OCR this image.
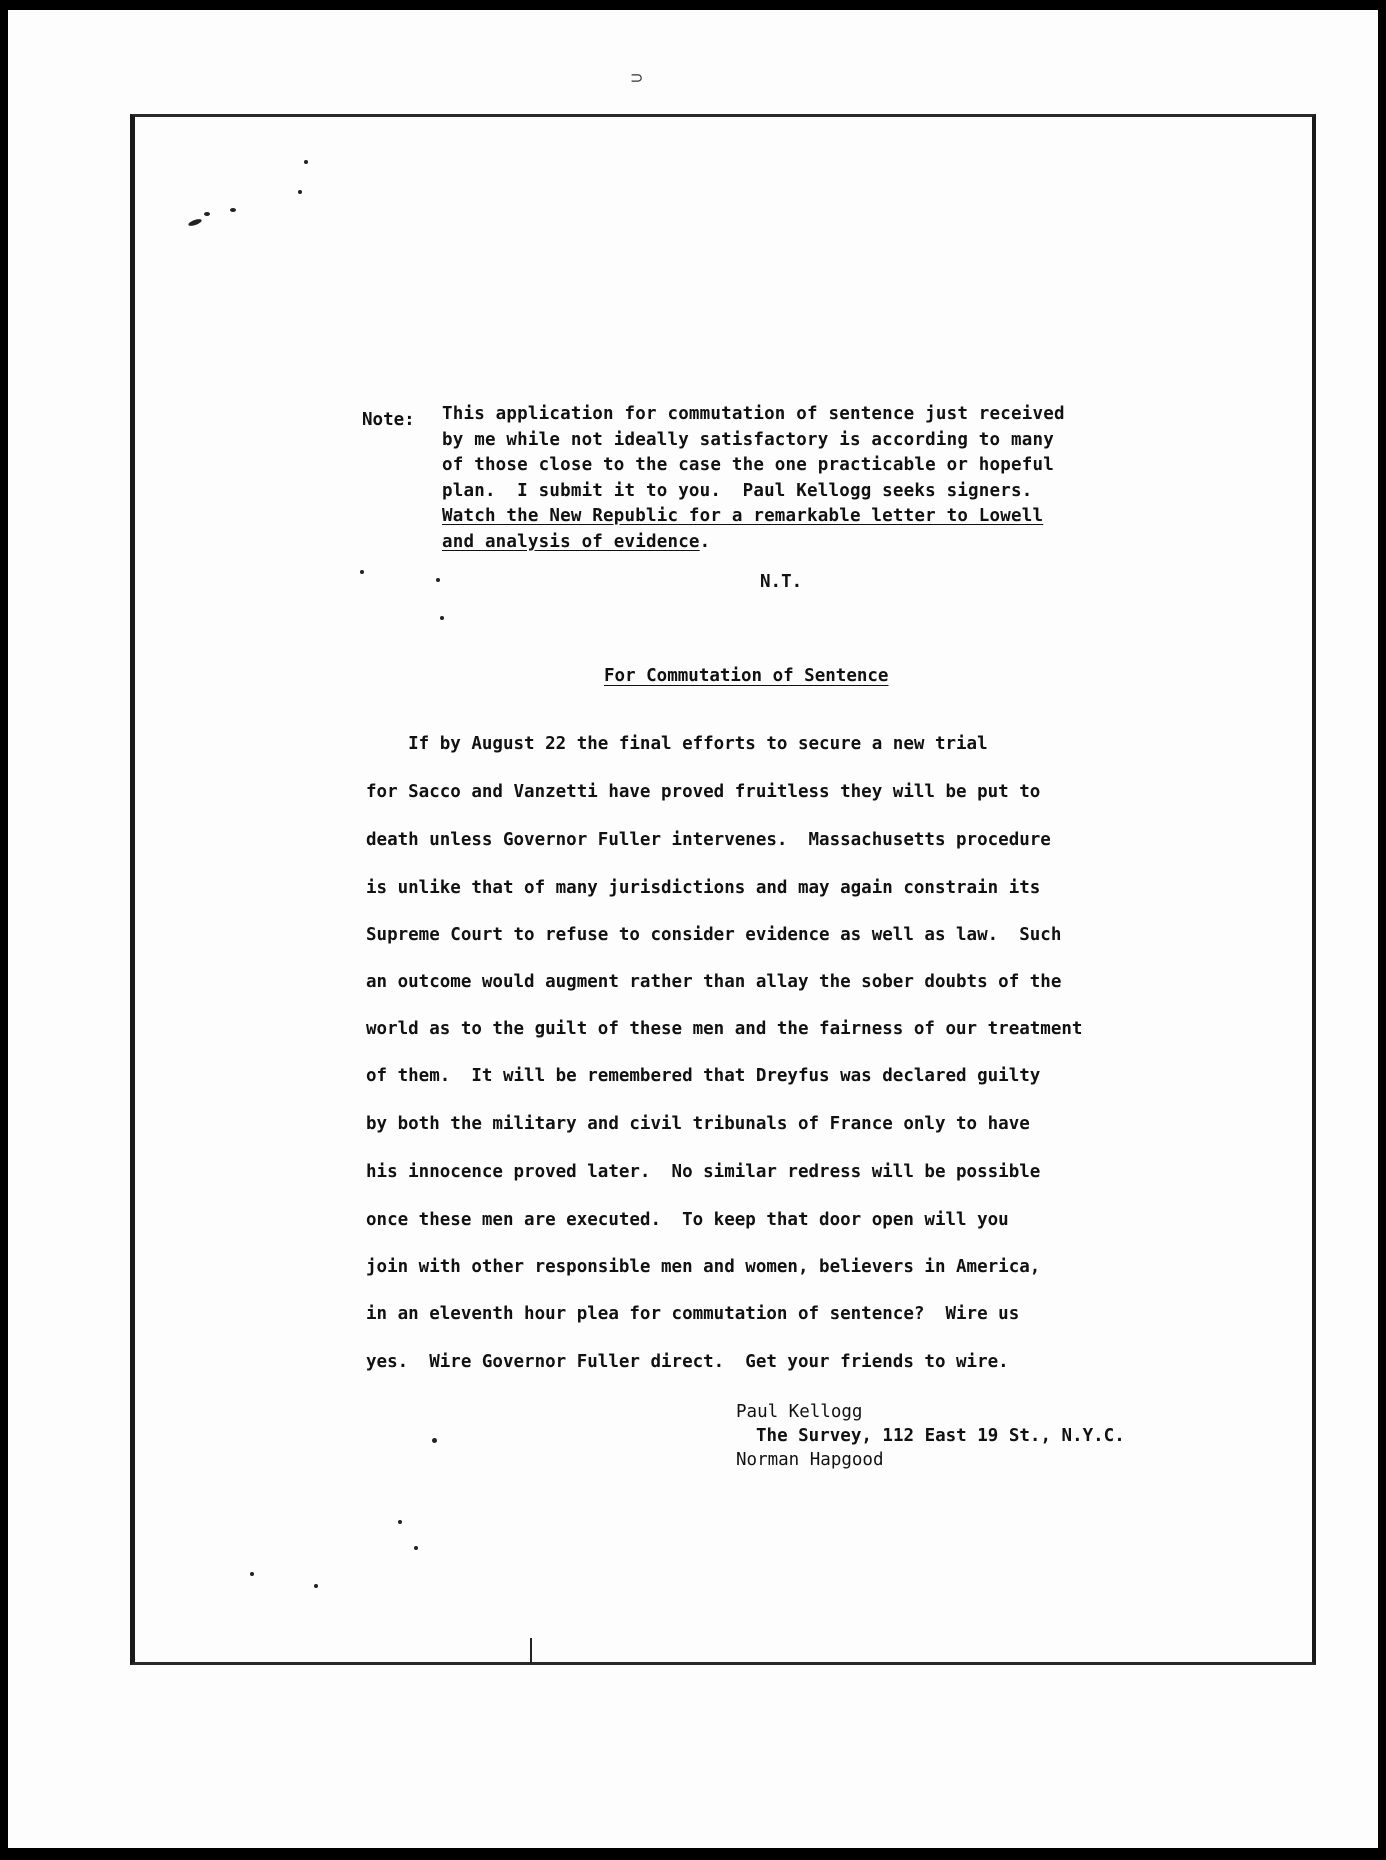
⊃
Note: This application for commutation of sentence just received
by me while not ideally satisfactory is according to many
of those close to the case the one practicable or hopeful
plan.  I submit it to you.  Paul Kellogg seeks signers.
Watch the New Republic for a remarkable letter to Lowell
and analysis of evidence.
N.T.
For Commutation of Sentence
If by August 22 the final efforts to secure a new trial
for Sacco and Vanzetti have proved fruitless they will be put to
death unless Governor Fuller intervenes.  Massachusetts procedure
is unlike that of many jurisdictions and may again constrain its
Supreme Court to refuse to consider evidence as well as law.  Such
an outcome would augment rather than allay the sober doubts of the
world as to the guilt of these men and the fairness of our treatment
of them.  It will be remembered that Dreyfus was declared guilty
by both the military and civil tribunals of France only to have
his innocence proved later.  No similar redress will be possible
once these men are executed.  To keep that door open will you
join with other responsible men and women, believers in America,
in an eleventh hour plea for commutation of sentence?  Wire us
yes.  Wire Governor Fuller direct.  Get your friends to wire.
Paul Kellogg
The Survey, 112 East 19 St., N.Y.C.
Norman Hapgood
